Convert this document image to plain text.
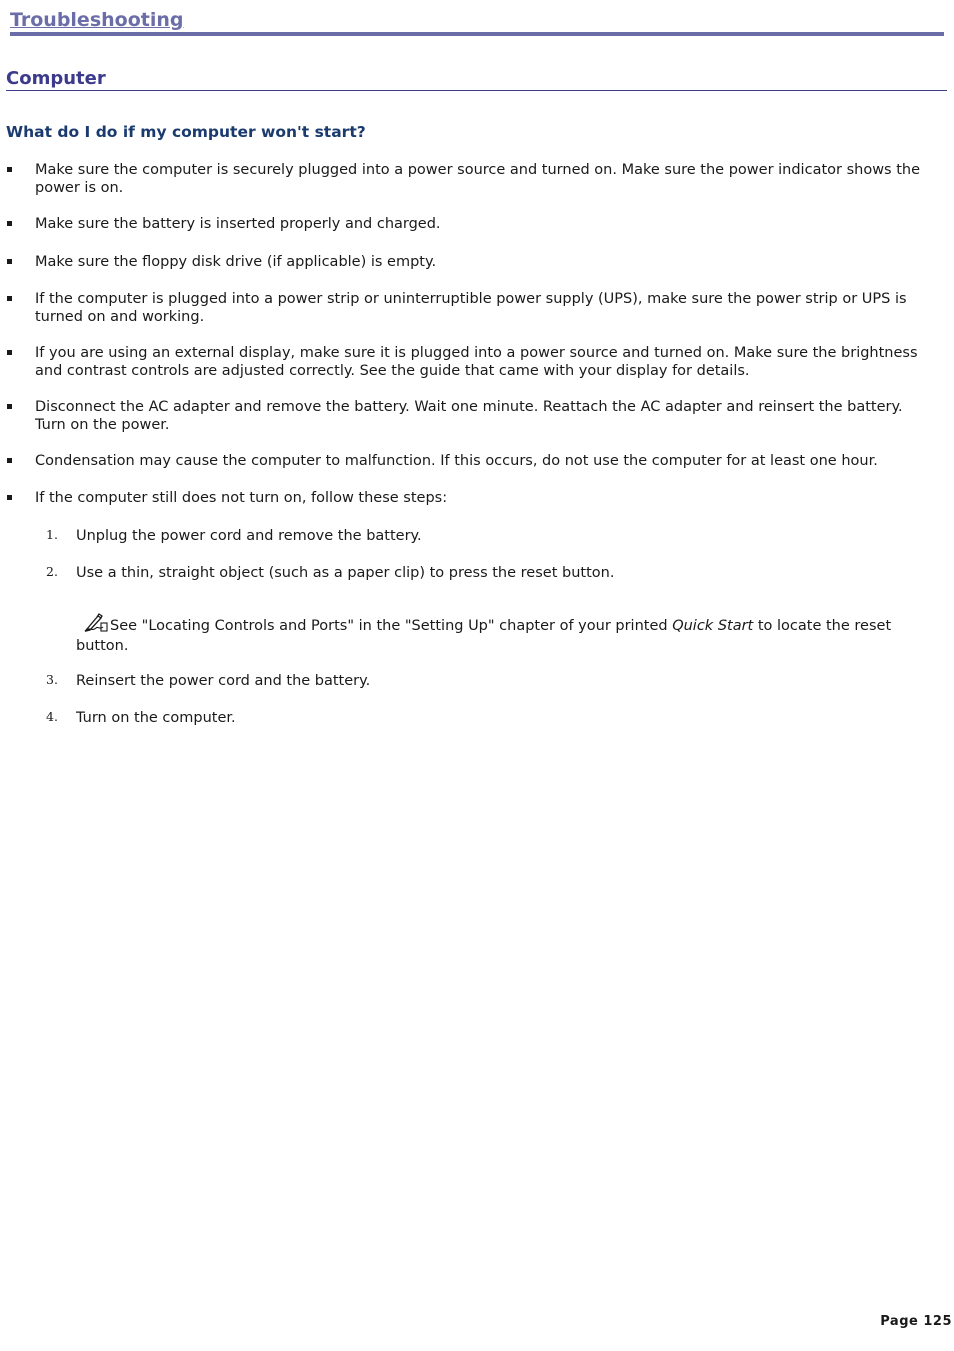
Troubleshooting
Computer
What do I do if my computer won't start?
Make sure the computer is securely plugged into a power source and turned on. Make sure the power indicator shows the power is on.
Make sure the battery is inserted properly and charged.
Make sure the floppy disk drive (if applicable) is empty.
If the computer is plugged into a power strip or uninterruptible power supply (UPS), make sure the power strip or UPS is turned on and working.
If you are using an external display, make sure it is plugged into a power source and turned on. Make sure the brightness and contrast controls are adjusted correctly. See the guide that came with your display for details.
Disconnect the AC adapter and remove the battery. Wait one minute. Reattach the AC adapter and reinsert the battery. Turn on the power.
Condensation may cause the computer to malfunction. If this occurs, do not use the computer for at least one hour.
If the computer still does not turn on, follow these steps:
1. Unplug the power cord and remove the battery.
2. Use a thin, straight object (such as a paper clip) to press the reset button.
3. Reinsert the power cord and the battery.
4. Turn on the computer.
See "Locating Controls and Ports" in the "Setting Up" chapter of your printed Quick Start to locate the reset button.
Page 125
